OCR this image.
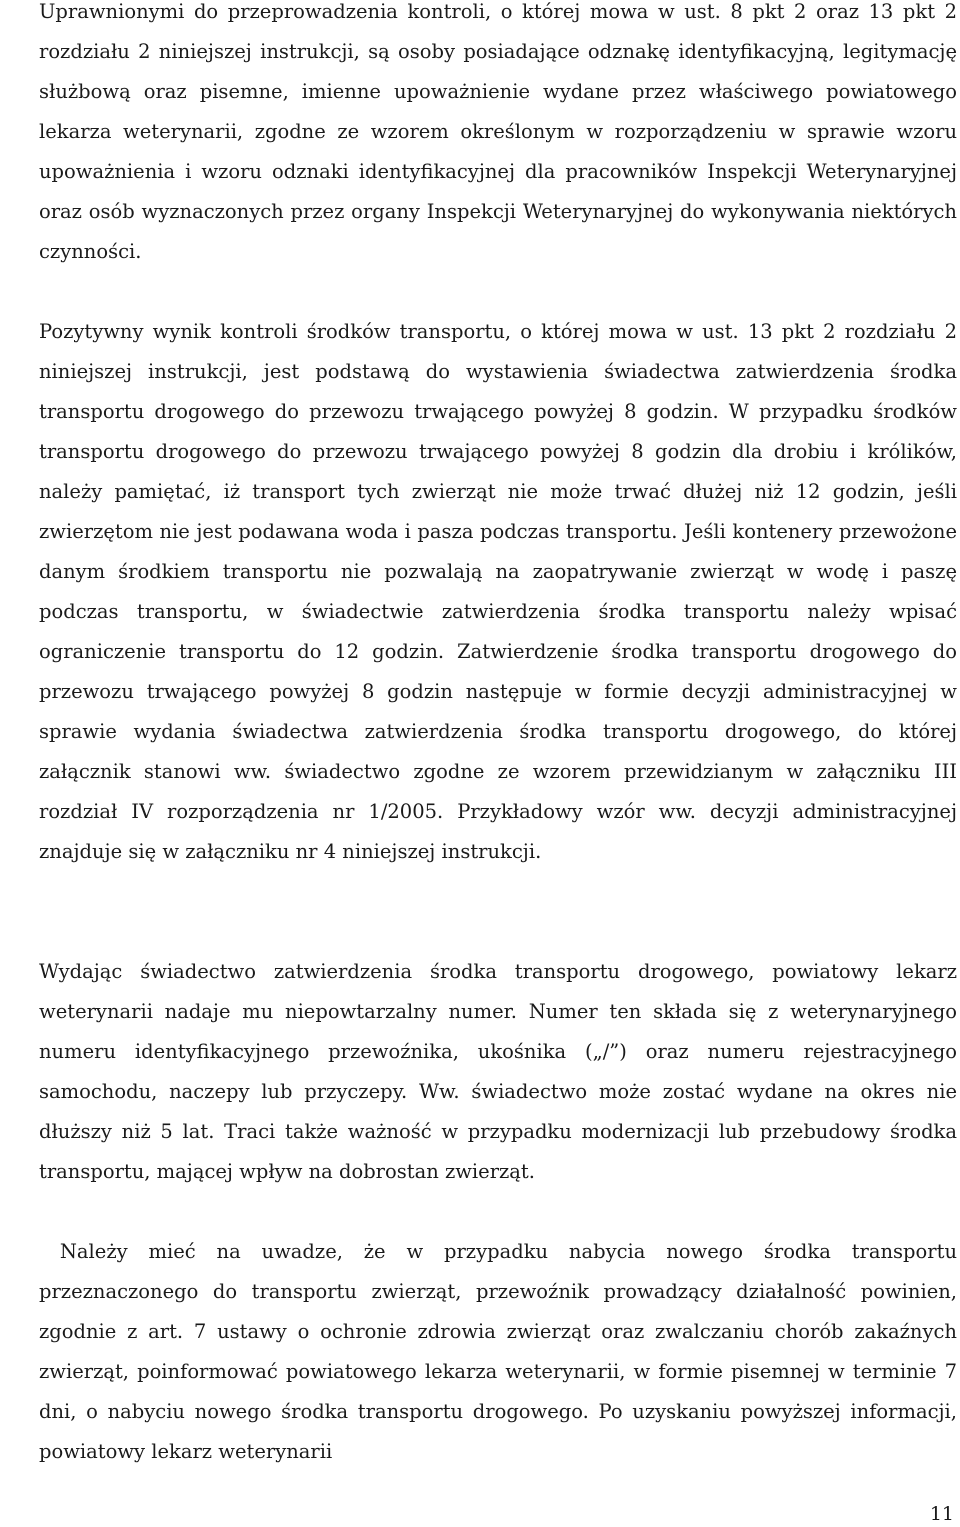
Uprawnionymi do przeprowadzenia kontroli, o której mowa w ust. 8 pkt 2 oraz 13 pkt 2 rozdziału 2 niniejszej instrukcji, są osoby posiadające odznakę identyfikacyjną, legitymację służbową oraz pisemne, imienne upoważnienie wydane przez właściwego powiatowego lekarza weterynarii, zgodne ze wzorem określonym w rozporządzeniu w sprawie wzoru upoważnienia i wzoru odznaki identyfikacyjnej dla pracowników Inspekcji Weterynaryjnej oraz osób wyznaczonych przez organy Inspekcji Weterynaryjnej do wykonywania niektórych czynności.

Pozytywny wynik kontroli środków transportu, o której mowa w ust. 13 pkt 2 rozdziału 2 niniejszej instrukcji, jest podstawą do wystawienia świadectwa zatwierdzenia środka transportu drogowego do przewozu trwającego powyżej 8 godzin. W przypadku środków transportu drogowego do przewozu trwającego powyżej 8 godzin dla drobiu i królików, należy pamiętać, iż transport tych zwierząt nie może trwać dłużej niż 12 godzin, jeśli zwierzętom nie jest podawana woda i pasza podczas transportu. Jeśli kontenery przewożone danym środkiem transportu nie pozwalają na zaopatrywanie zwierząt w wodę i paszę podczas transportu, w świadectwie zatwierdzenia środka transportu należy wpisać ograniczenie transportu do 12 godzin. Zatwierdzenie środka transportu drogowego do przewozu trwającego powyżej 8 godzin następuje w formie decyzji administracyjnej w sprawie wydania świadectwa zatwierdzenia środka transportu drogowego, do której załącznik stanowi ww. świadectwo zgodne ze wzorem przewidzianym w załączniku III rozdział IV rozporządzenia nr 1/2005. Przykładowy wzór ww. decyzji administracyjnej znajduje się w załączniku nr 4 niniejszej instrukcji.

Wydając świadectwo zatwierdzenia środka transportu drogowego, powiatowy lekarz weterynarii nadaje mu niepowtarzalny numer. Numer ten składa się z weterynaryjnego numeru identyfikacyjnego przewoźnika, ukośnika („/”) oraz numeru rejestracyjnego samochodu, naczepy lub przyczepy. Ww. świadectwo może zostać wydane na okres nie dłuższy niż 5 lat. Traci także ważność w przypadku modernizacji lub przebudowy środka transportu, mającej wpływ na dobrostan zwierząt.

Należy mieć na uwadze, że w przypadku nabycia nowego środka transportu przeznaczonego do transportu zwierząt, przewoźnik prowadzący działalność powinien, zgodnie z art. 7 ustawy o ochronie zdrowia zwierząt oraz zwalczaniu chorób zakaźnych zwierząt, poinformować powiatowego lekarza weterynarii, w formie pisemnej w terminie 7 dni, o nabyciu nowego środka transportu drogowego. Po uzyskaniu powyższej informacji, powiatowy lekarz weterynarii

11
